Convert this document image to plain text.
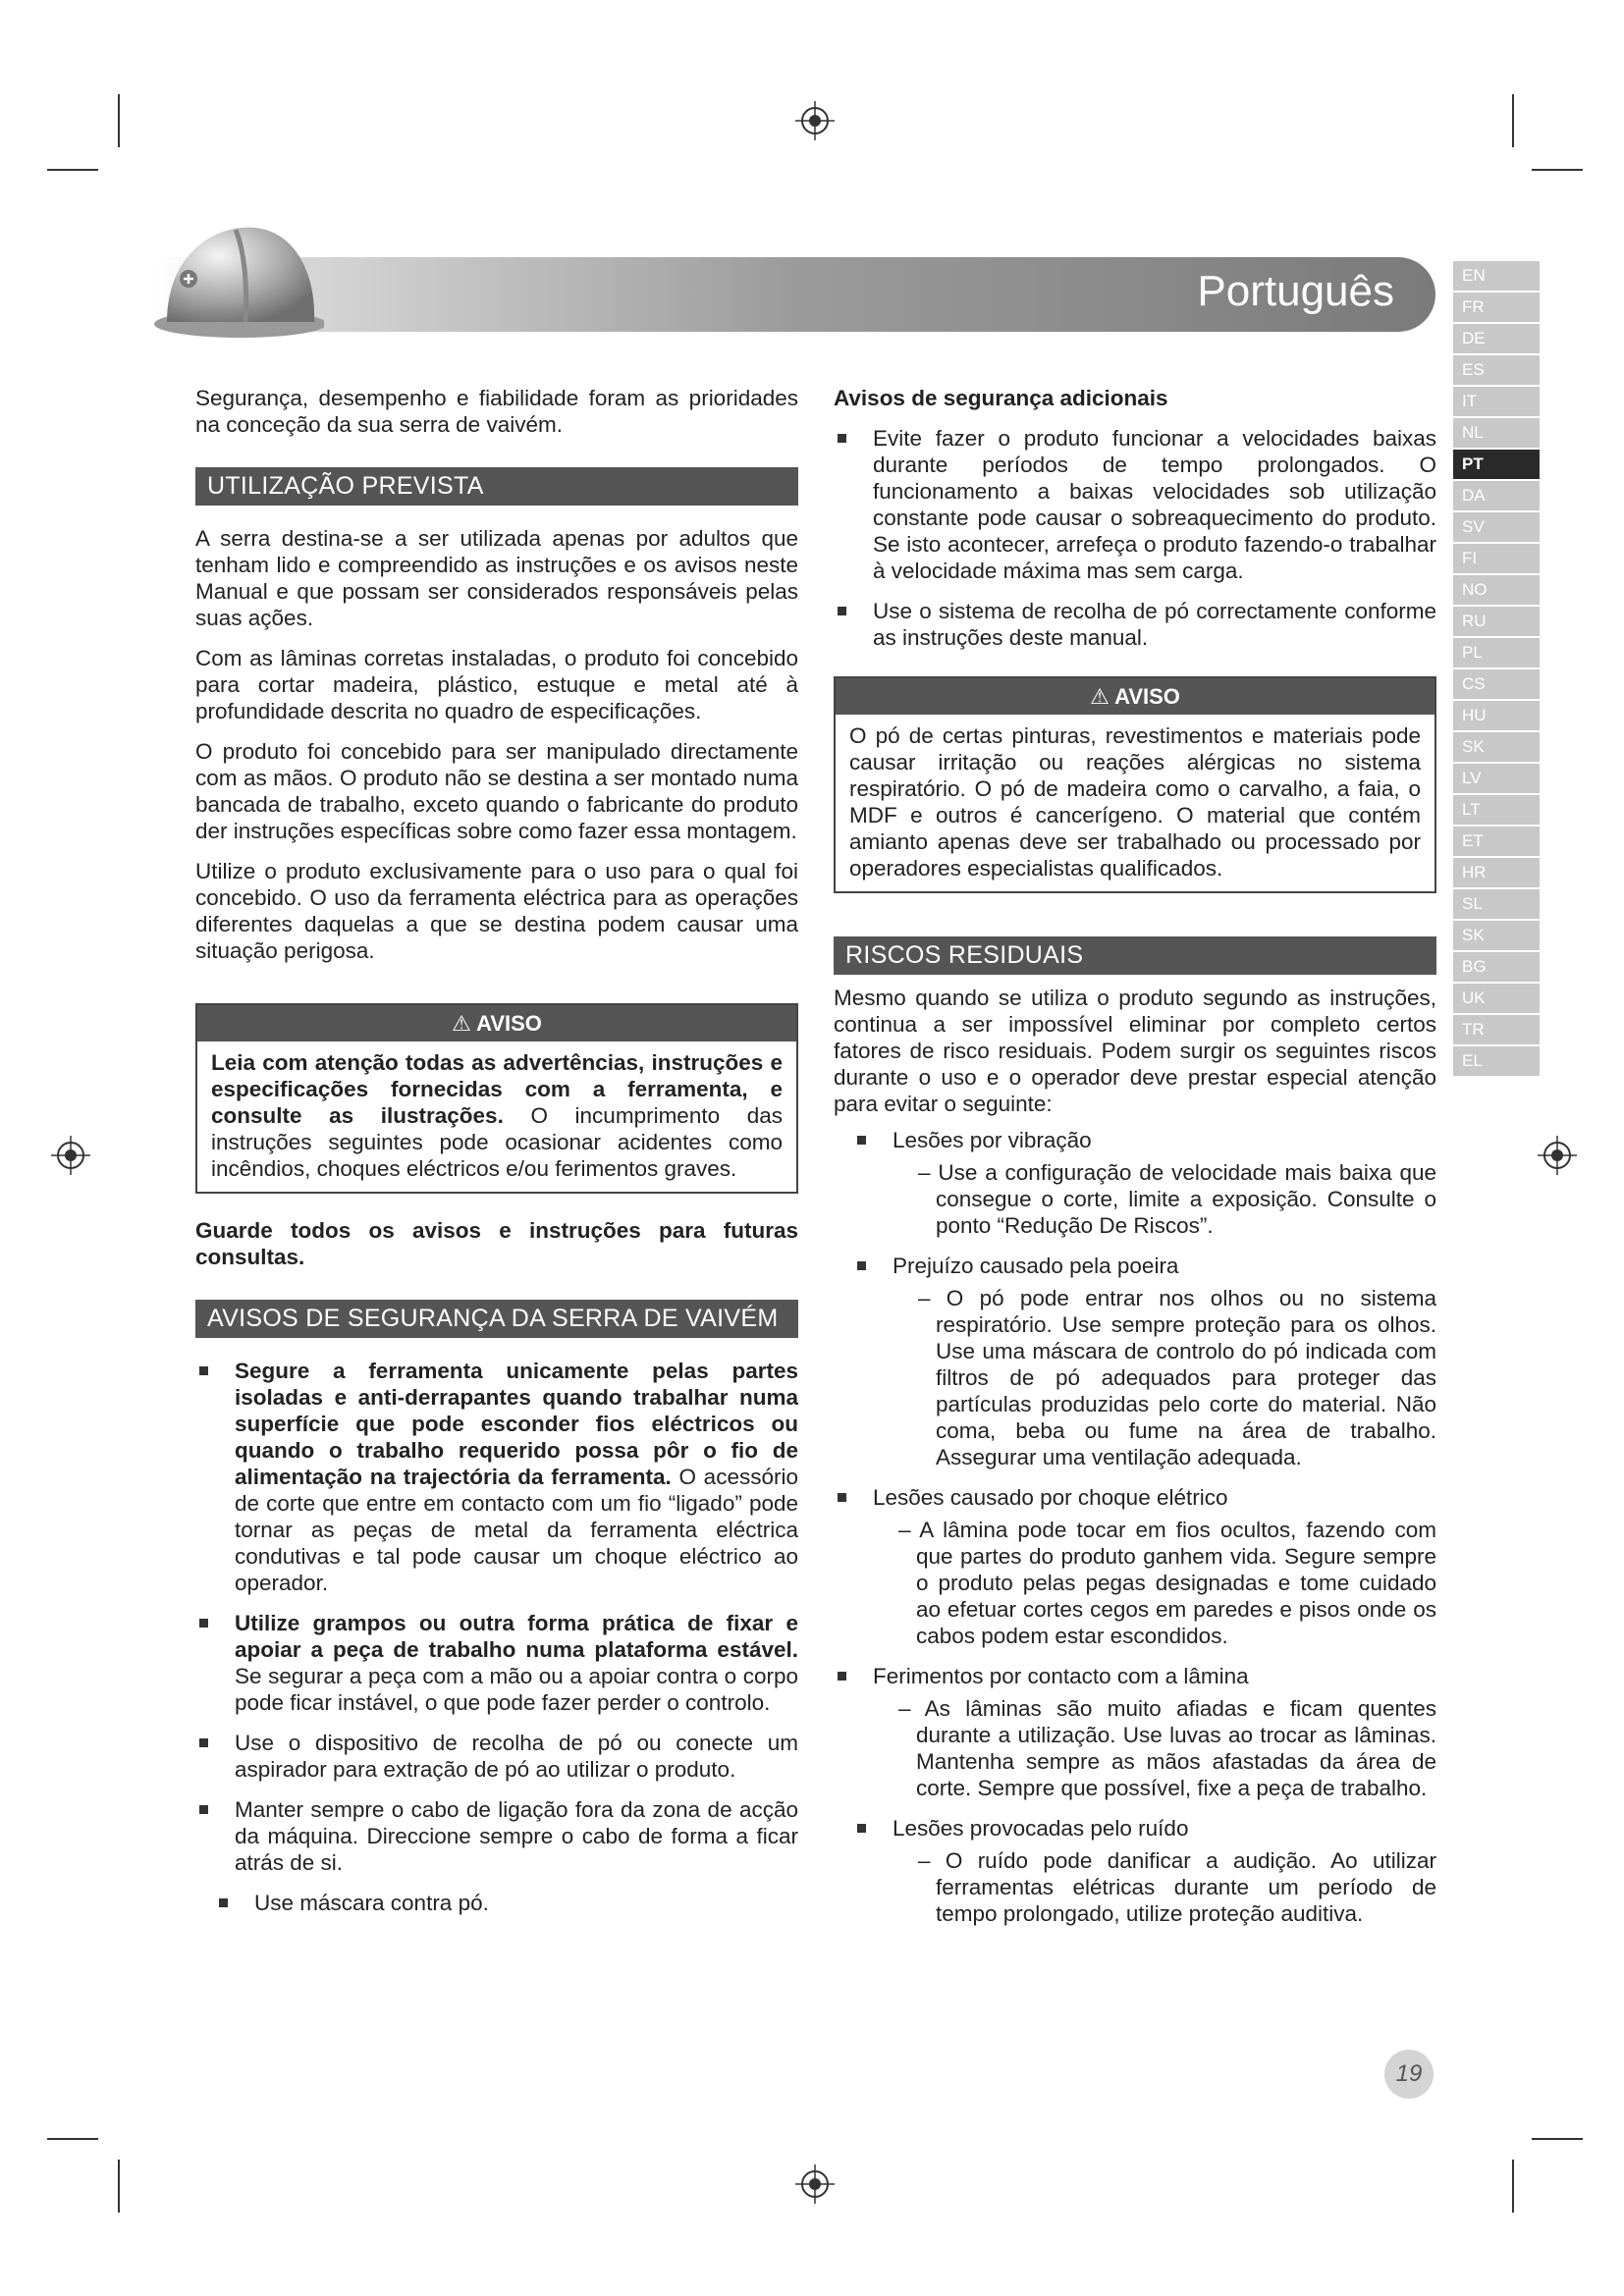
Português	EN
FR
DE
ES
IT
NL
PT
DA
SV
FI
NO
RU
PL
CS
HU
SK
LV
LT
ET
HR
SL
SK
BG
UK
TR
EL

Segurança, desempenho e fiabilidade foram as prioridades na conceção da sua serra de vaivém.

UTILIZAÇÃO PREVISTA

A serra destina-se a ser utilizada apenas por adultos que tenham lido e compreendido as instruções e os avisos neste Manual e que possam ser considerados responsáveis pelas suas ações.

Com as lâminas corretas instaladas, o produto foi concebido para cortar madeira, plástico, estuque e metal até à profundidade descrita no quadro de especificações.

O produto foi concebido para ser manipulado directamente com as mãos. O produto não se destina a ser montado numa bancada de trabalho, exceto quando o fabricante do produto der instruções específicas sobre como fazer essa montagem.

Utilize o produto exclusivamente para o uso para o qual foi concebido. O uso da ferramenta eléctrica para as operações diferentes daquelas a que se destina podem causar uma situação perigosa.

⚠ AVISO
Leia com atenção todas as advertências, instruções e especificações fornecidas com a ferramenta, e consulte as ilustrações. O incumprimento das instruções seguintes pode ocasionar acidentes como incêndios, choques eléctricos e/ou ferimentos graves.

Guarde todos os avisos e instruções para futuras consultas.

AVISOS DE SEGURANÇA DA SERRA DE VAIVÉM
Segure a ferramenta unicamente pelas partes isoladas e anti-derrapantes quando trabalhar numa superfície que pode esconder fios eléctricos ou quando o trabalho requerido possa pôr o fio de alimentação na trajectória da ferramenta. O acessório de corte que entre em contacto com um fio “ligado” pode tornar as peças de metal da ferramenta eléctrica condutivas e tal pode causar um choque eléctrico ao operador.
Utilize grampos ou outra forma prática de fixar e apoiar a peça de trabalho numa plataforma estável. Se segurar a peça com a mão ou a apoiar contra o corpo pode ficar instável, o que pode fazer perder o controlo.
Use o dispositivo de recolha de pó ou conecte um aspirador para extração de pó ao utilizar o produto.
Manter sempre o cabo de ligação fora da zona de acção da máquina. Direccione sempre o cabo de forma a ficar atrás de si.
Use máscara contra pó.
Avisos de segurança adicionais
Evite fazer o produto funcionar a velocidades baixas durante períodos de tempo prolongados. O funcionamento a baixas velocidades sob utilização constante pode causar o sobreaquecimento do produto. Se isto acontecer, arrefeça o produto fazendo-o trabalhar à velocidade máxima mas sem carga.
Use o sistema de recolha de pó correctamente conforme as instruções deste manual.
⚠ AVISO
O pó de certas pinturas, revestimentos e materiais pode causar irritação ou reações alérgicas no sistema respiratório. O pó de madeira como o carvalho, a faia, o MDF e outros é cancerígeno. O material que contém amianto apenas deve ser trabalhado ou processado por operadores especialistas qualificados.
RISCOS RESIDUAIS

Mesmo quando se utiliza o produto segundo as instruções, continua a ser impossível eliminar por completo certos fatores de risco residuais. Podem surgir os seguintes riscos durante o uso e o operador deve prestar especial atenção para evitar o seguinte:

Lesões por vibração
– Use a configuração de velocidade mais baixa que consegue o corte, limite a exposição. Consulte o ponto “Redução De Riscos”.
Prejuízo causado pela poeira
– O pó pode entrar nos olhos ou no sistema respiratório. Use sempre proteção para os olhos. Use uma máscara de controlo do pó indicada com filtros de pó adequados para proteger das partículas produzidas pelo corte do material. Não coma, beba ou fume na área de trabalho. Assegurar uma ventilação adequada.
Lesões causado por choque elétrico
– A lâmina pode tocar em fios ocultos, fazendo com que partes do produto ganhem vida. Segure sempre o produto pelas pegas designadas e tome cuidado ao efetuar cortes cegos em paredes e pisos onde os cabos podem estar escondidos.
Ferimentos por contacto com a lâmina
– As lâminas são muito afiadas e ficam quentes durante a utilização. Use luvas ao trocar as lâminas. Mantenha sempre as mãos afastadas da área de corte. Sempre que possível, fixe a peça de trabalho.
Lesões provocadas pelo ruído
– O ruído pode danificar a audição. Ao utilizar ferramentas elétricas durante um período de tempo prolongado, utilize proteção auditiva.
19
